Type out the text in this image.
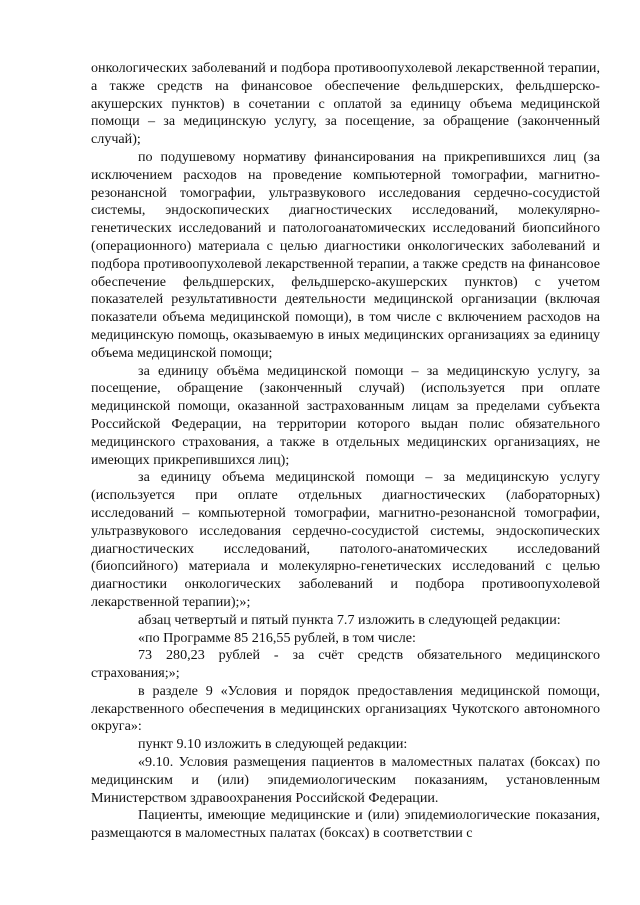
онкологических заболеваний и подбора противоопухолевой лекарственной терапии, а также средств на финансовое обеспечение фельдшерских, фельдшерско-акушерских пунктов) в сочетании с оплатой за единицу объема медицинской помощи – за медицинскую услугу, за посещение, за обращение (законченный случай);

по подушевому нормативу финансирования на прикрепившихся лиц (за исключением расходов на проведение компьютерной томографии, магнитно-резонансной томографии, ультразвукового исследования сердечно-сосудистой системы, эндоскопических диагностических исследований, молекулярно-генетических исследований и патологоанатомических исследований биопсийного (операционного) материала с целью диагностики онкологических заболеваний и подбора противоопухолевой лекарственной терапии, а также средств на финансовое обеспечение фельдшерских, фельдшерско-акушерских пунктов) с учетом показателей результативности деятельности медицинской организации (включая показатели объема медицинской помощи), в том числе с включением расходов на медицинскую помощь, оказываемую в иных медицинских организациях за единицу объема медицинской помощи;

за единицу объёма медицинской помощи – за медицинскую услугу, за посещение, обращение (законченный случай) (используется при оплате медицинской помощи, оказанной застрахованным лицам за пределами субъекта Российской Федерации, на территории которого выдан полис обязательного медицинского страхования, а также в отдельных медицинских организациях, не имеющих прикрепившихся лиц);

за единицу объема медицинской помощи – за медицинскую услугу (используется при оплате отдельных диагностических (лабораторных) исследований – компьютерной томографии, магнитно-резонансной томографии, ультразвукового исследования сердечно-сосудистой системы, эндоскопических диагностических исследований, патолого-анатомических исследований (биопсийного) материала и молекулярно-генетических исследований с целью диагностики онкологических заболеваний и подбора противоопухолевой лекарственной терапии);»;

абзац четвертый и пятый пункта 7.7 изложить в следующей редакции:

«по Программе 85 216,55 рублей, в том числе:

73 280,23 рублей - за счёт средств обязательного медицинского страхования;»;

в разделе 9 «Условия и порядок предоставления медицинской помощи, лекарственного обеспечения в медицинских организациях Чукотского автономного округа»:

пункт 9.10 изложить в следующей редакции:

«9.10. Условия размещения пациентов в маломестных палатах (боксах) по медицинским и (или) эпидемиологическим показаниям, установленным Министерством здравоохранения Российской Федерации.

Пациенты, имеющие медицинские и (или) эпидемиологические показания, размещаются в маломестных палатах (боксах) в соответствии с
